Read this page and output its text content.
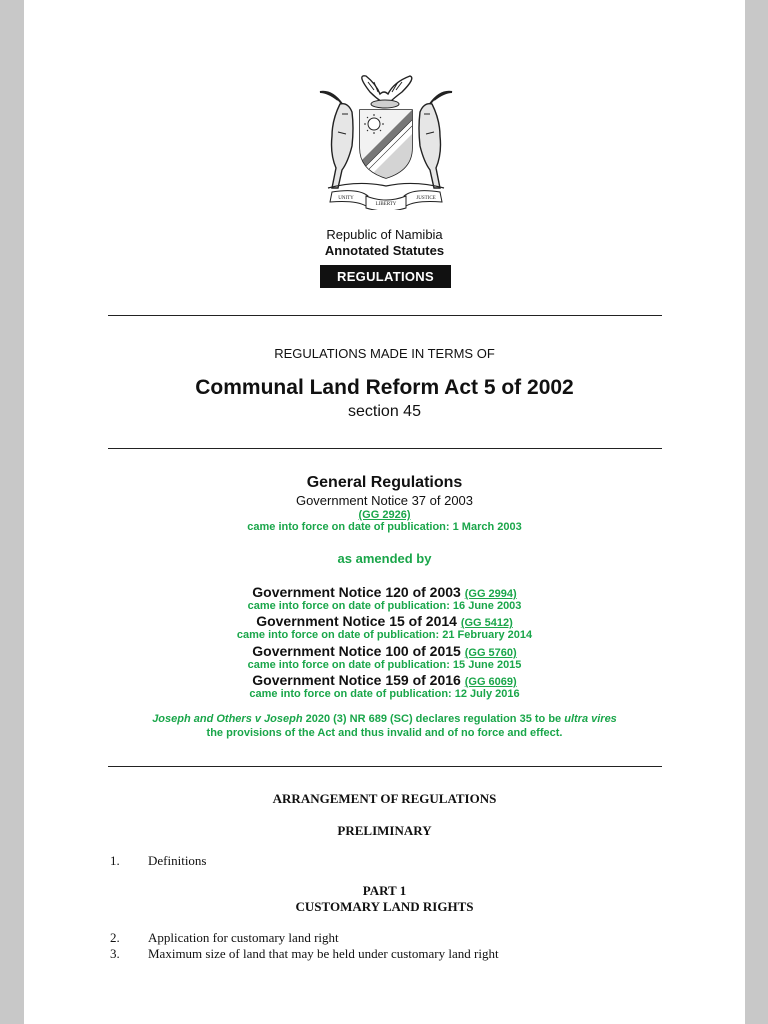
UNITY
LIBERTY
JUSTICE
Republic of Namibia
Annotated Statutes
REGULATIONS
REGULATIONS MADE IN TERMS OF
Communal Land Reform Act 5 of 2002
section 45
General Regulations
Government Notice 37 of 2003
(GG 2926)
came into force on date of publication: 1 March 2003
as amended by
Government Notice 120 of 2003 (GG 2994)
came into force on date of publication: 16 June 2003
Government Notice 15 of 2014 (GG 5412)
came into force on date of publication: 21 February 2014
Government Notice 100 of 2015 (GG 5760)
came into force on date of publication: 15 June 2015
Government Notice 159 of 2016 (GG 6069)
came into force on date of publication: 12 July 2016
Joseph and Others v Joseph 2020 (3) NR 689 (SC) declares regulation 35 to be ultra vires
the provisions of the Act and thus invalid and of no force and effect.
ARRANGEMENT OF REGULATIONS
PRELIMINARY
1.	Definitions
PART 1
CUSTOMARY LAND RIGHTS
2.	Application for customary land right
3.	Maximum size of land that may be held under customary land right
